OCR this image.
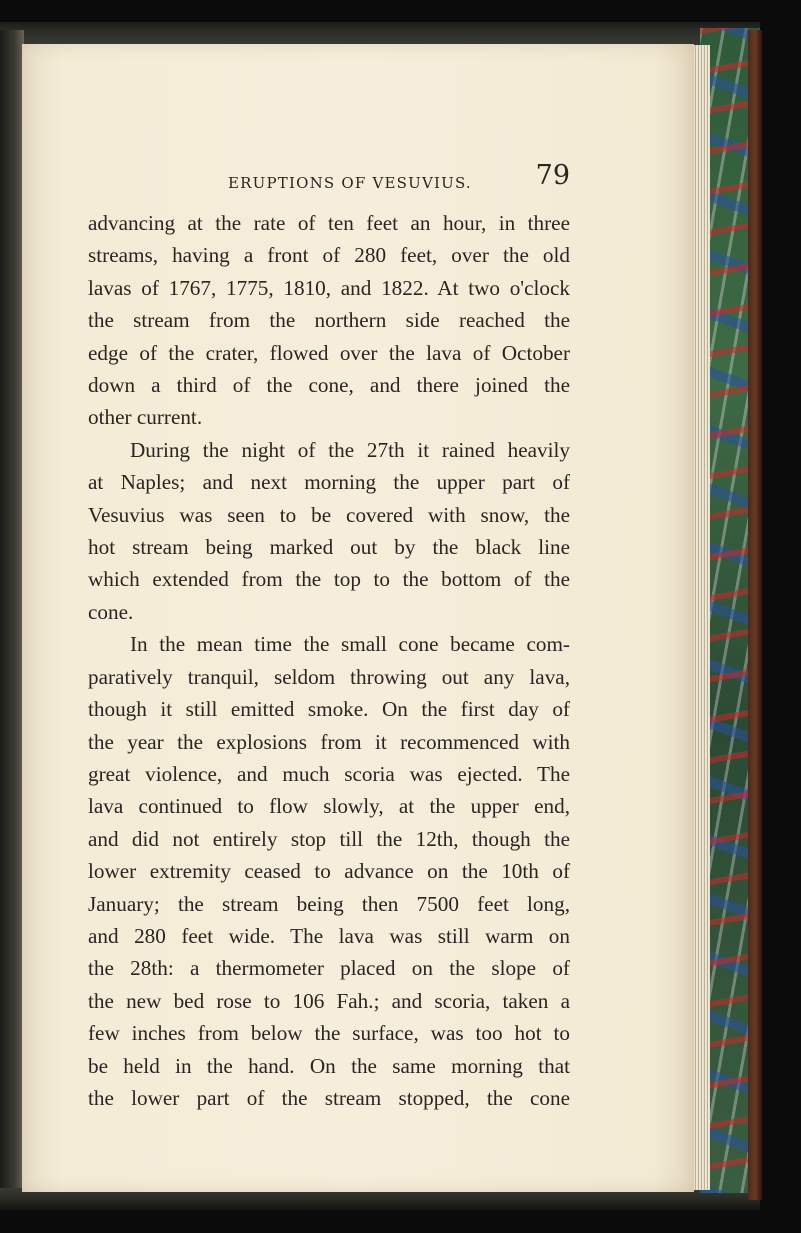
ERUPTIONS OF VESUVIUS. 79

advancing at the rate of ten feet an hour, in three
streams, having a front of 280 feet, over the old
lavas of 1767, 1775, 1810, and 1822. At two o'clock
the stream from the northern side reached the
edge of the crater, flowed over the lava of October
down a third of the cone, and there joined the
other current.

During the night of the 27th it rained heavily
at Naples; and next morning the upper part of
Vesuvius was seen to be covered with snow, the
hot stream being marked out by the black line
which extended from the top to the bottom of the
cone.

In the mean time the small cone became com-
paratively tranquil, seldom throwing out any lava,
though it still emitted smoke. On the first day of
the year the explosions from it recommenced with
great violence, and much scoria was ejected. The
lava continued to flow slowly, at the upper end,
and did not entirely stop till the 12th, though the
lower extremity ceased to advance on the 10th of
January; the stream being then 7500 feet long,
and 280 feet wide. The lava was still warm on
the 28th: a thermometer placed on the slope of
the new bed rose to 106 Fah.; and scoria, taken a
few inches from below the surface, was too hot to
be held in the hand. On the same morning that
the lower part of the stream stopped, the cone
